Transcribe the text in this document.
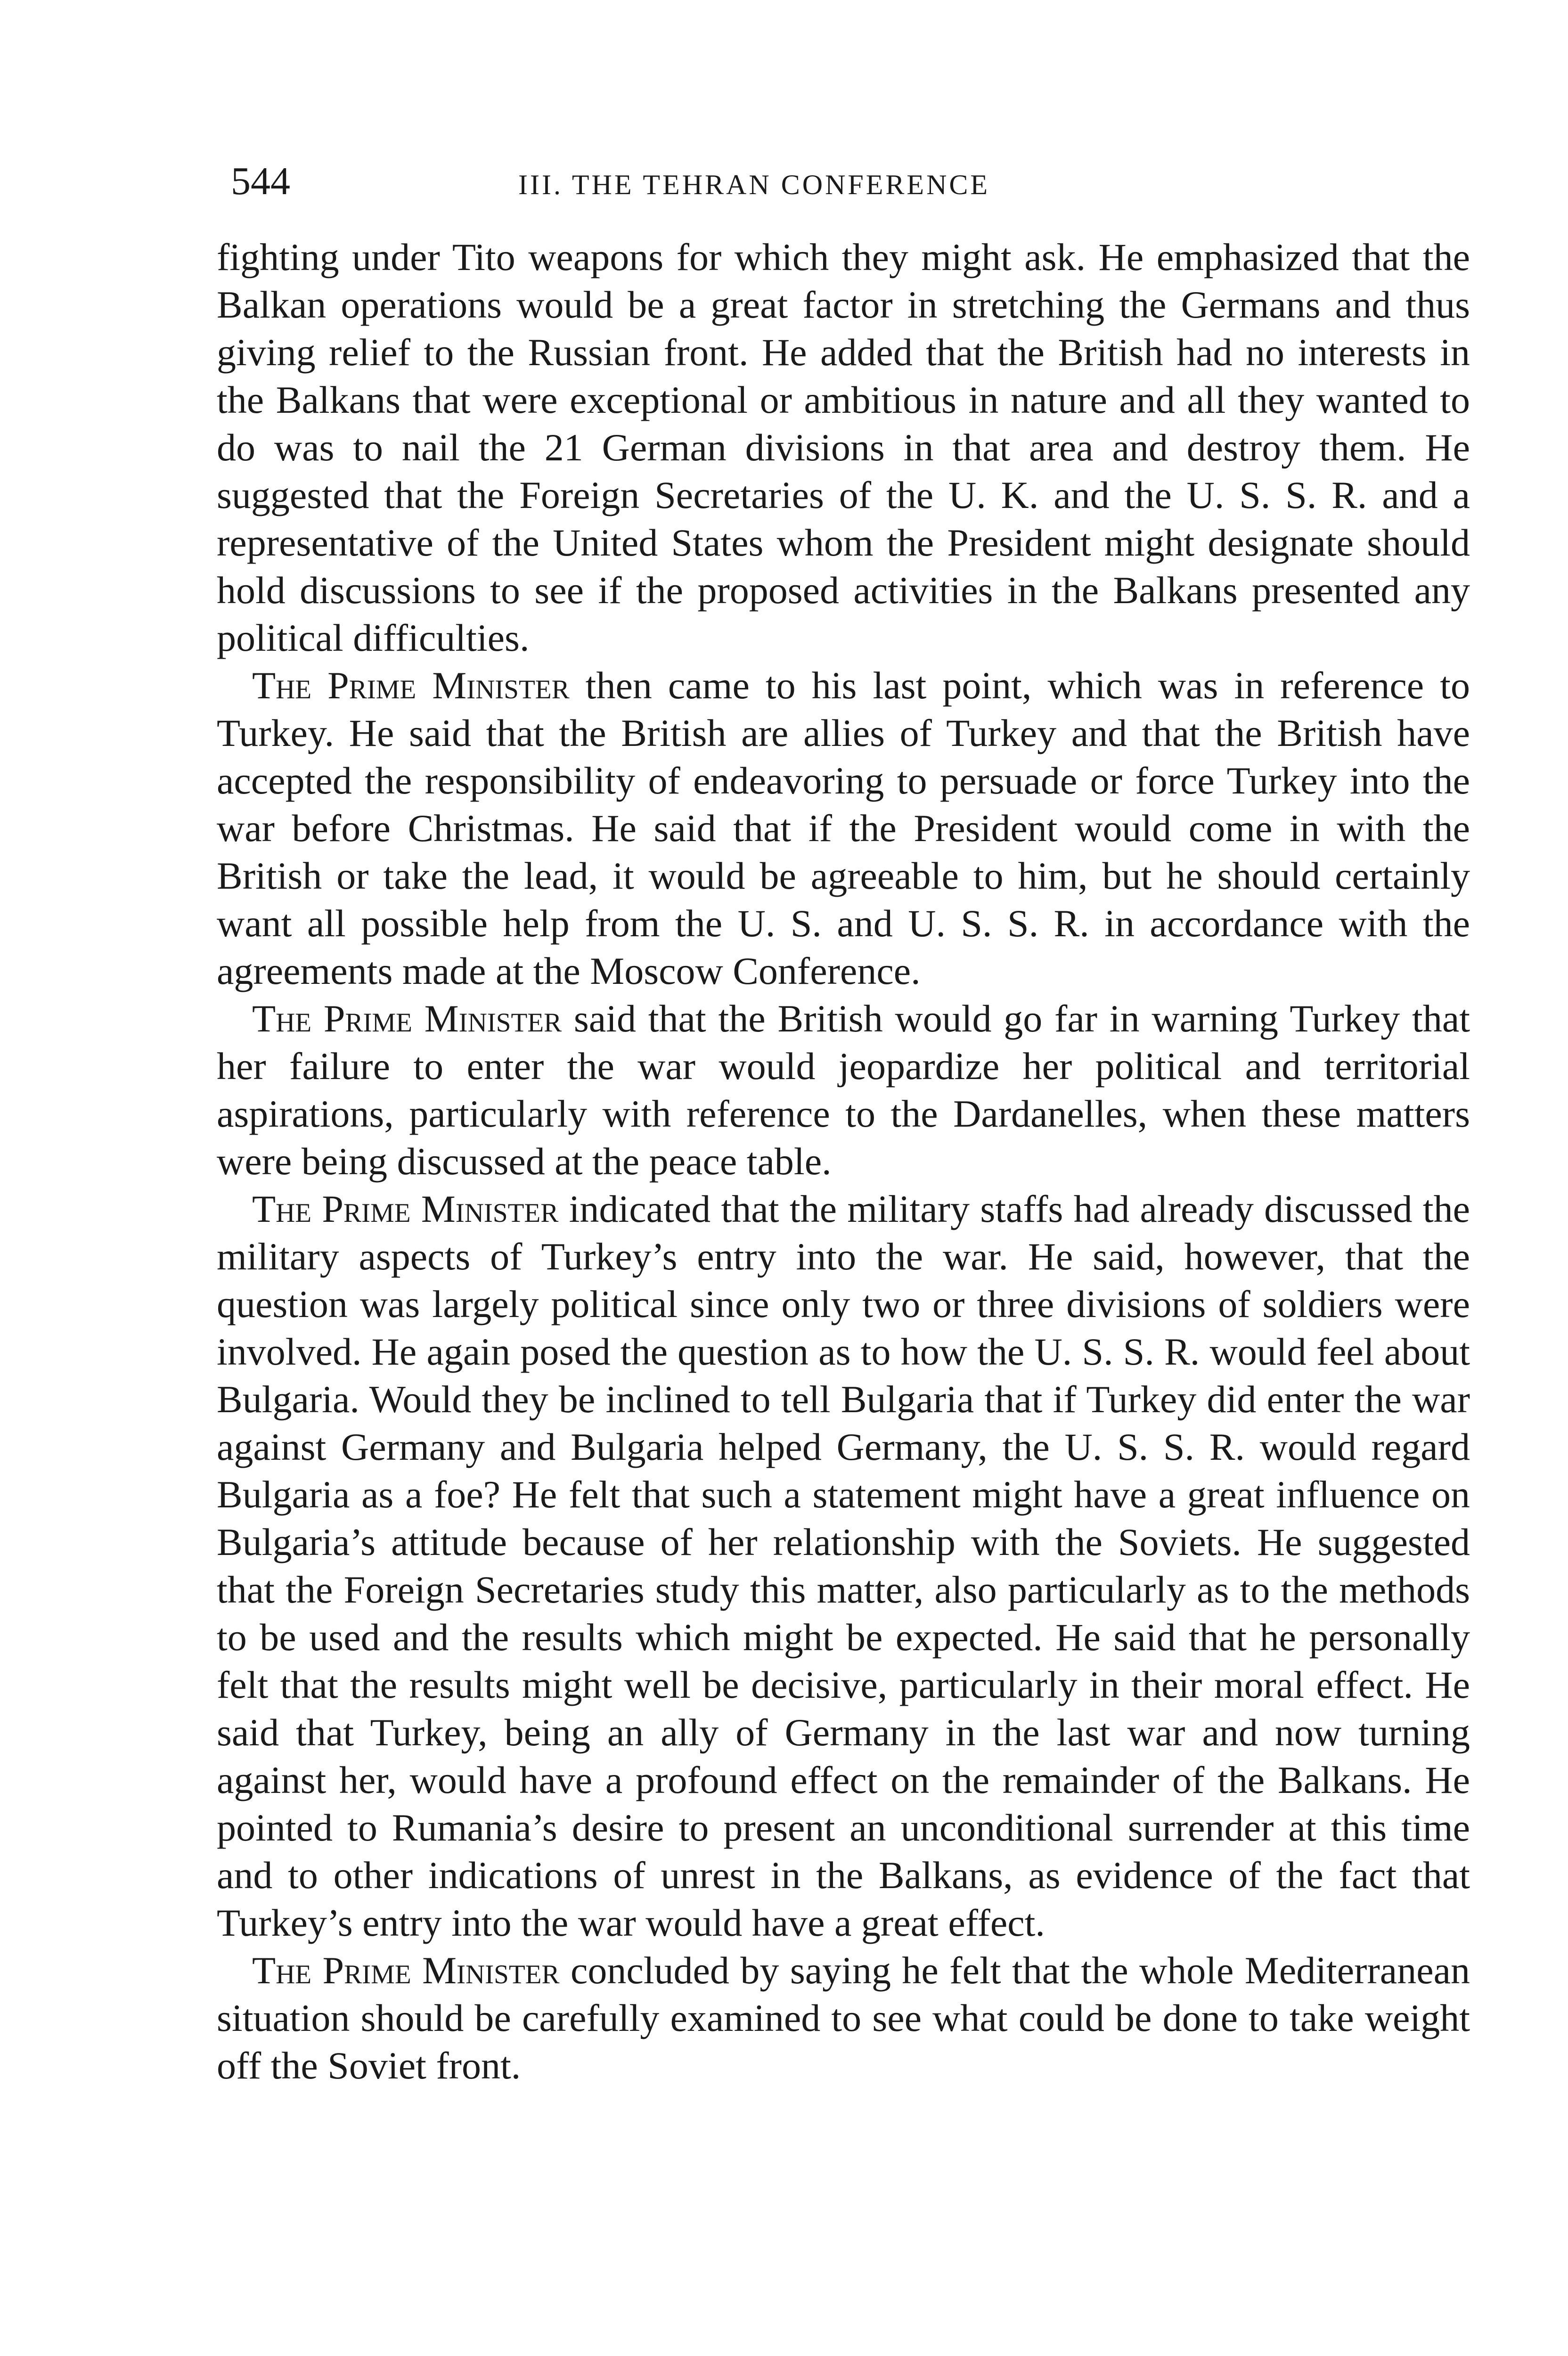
544	III. THE TEHRAN CONFERENCE

fighting under Tito weapons for which they might ask. He emphasized that the Balkan operations would be a great factor in stretching the Germans and thus giving relief to the Russian front. He added that the British had no interests in the Balkans that were exceptional or ambitious in nature and all they wanted to do was to nail the 21 German divisions in that area and destroy them. He suggested that the Foreign Secretaries of the U. K. and the U. S. S. R. and a representative of the United States whom the President might designate should hold discussions to see if the proposed activities in the Balkans presented any political difficulties.

The Prime Minister then came to his last point, which was in reference to Turkey. He said that the British are allies of Turkey and that the British have accepted the responsibility of endeavoring to persuade or force Turkey into the war before Christmas. He said that if the President would come in with the British or take the lead, it would be agreeable to him, but he should certainly want all possible help from the U. S. and U. S. S. R. in accordance with the agreements made at the Moscow Conference.

The Prime Minister said that the British would go far in warning Turkey that her failure to enter the war would jeopardize her political and territorial aspirations, particularly with reference to the Dardanelles, when these matters were being discussed at the peace table.

The Prime Minister indicated that the military staffs had already discussed the military aspects of Turkey’s entry into the war. He said, however, that the question was largely political since only two or three divisions of soldiers were involved. He again posed the question as to how the U. S. S. R. would feel about Bulgaria. Would they be inclined to tell Bulgaria that if Turkey did enter the war against Germany and Bulgaria helped Germany, the U. S. S. R. would regard Bulgaria as a foe? He felt that such a statement might have a great influence on Bulgaria’s attitude because of her relationship with the Soviets. He suggested that the Foreign Secretaries study this matter, also particularly as to the methods to be used and the results which might be expected. He said that he personally felt that the results might well be decisive, particularly in their moral effect. He said that Turkey, being an ally of Germany in the last war and now turning against her, would have a profound effect on the remainder of the Balkans. He pointed to Rumania’s desire to present an unconditional surrender at this time and to other indications of unrest in the Balkans, as evidence of the fact that Turkey’s entry into the war would have a great effect.

The Prime Minister concluded by saying he felt that the whole Mediterranean situation should be carefully examined to see what could be done to take weight off the Soviet front.
